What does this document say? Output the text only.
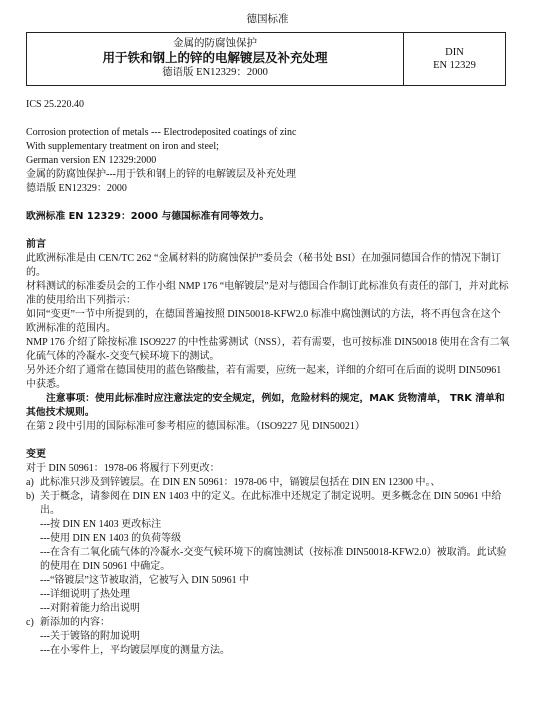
德国标准
金属的防腐蚀保护
用于铁和钢上的锌的电解镀层及补充处理
德语版 EN12329：2000
DIN
EN 12329

ICS 25.220.40

Corrosion protection of metals --- Electrodeposited coatings of zinc

With supplementary treatment on iron and steel;

German version EN 12329:2000

金属的防腐蚀保护---用于铁和钢上的锌的电解镀层及补充处理

德语版 EN12329：2000

欧洲标准 EN 12329：2000 与德国标准有同等效力。

前言

此欧洲标准是由 CEN/TC 262 “金属材料的防腐蚀保护”委员会（秘书处 BSI）在加强同德国合作的情况下制订的。

材料测试的标准委员会的工作小组 NMP 176 “电解镀层”是对与德国合作制订此标准负有责任的部门，并对此标准的使用给出下列指示：

如同“变更”一节中所提到的，在德国普遍按照 DIN50018-KFW2.0 标准中腐蚀测试的方法，将不再包含在这个欧洲标准的范围内。

NMP 176 介绍了除按标准 ISO9227 的中性盐雾测试（NSS），若有需要，也可按标准 DIN50018 使用在含有二氧化硫气体的冷凝水-交变气候环境下的测试。

另外还介绍了通常在德国使用的蓝色铬酸盐，若有需要，应统一起来，详细的介绍可在后面的说明 DIN50961 中获悉。

注意事项：使用此标准时应注意法定的安全规定，例如，危险材料的规定，MAK 货物清单， TRK 清单和其他技术规则。

在第 2 段中引用的国际标准可参考相应的德国标准。（ISO9227 见 DIN50021）

变更

对于 DIN 50961：1978-06 将履行下列更改：

a) 此标准只涉及到锌镀层。在 DIN EN 50961：1978-06 中，镉镀层包括在 DIN EN 12300 中。、
b) 关于概念，请参阅在 DIN EN 1403 中的定义。在此标准中还规定了制定说明。更多概念在 DIN 50961 中给出。

---按 DIN EN 1403 更改标注

---使用 DIN EN 1403 的负荷等级

---在含有二氧化硫气体的冷凝水-交变气候环境下的腐蚀测试（按标准 DIN50018-KFW2.0）被取消。此试验的使用在 DIN 50961 中确定。

---“铬镀层”这节被取消，它被写入 DIN 50961 中

---详细说明了热处理

---对附着能力给出说明

c) 新添加的内容：

---关于镀铬的附加说明

---在小零件上，平均镀层厚度的测量方法。
